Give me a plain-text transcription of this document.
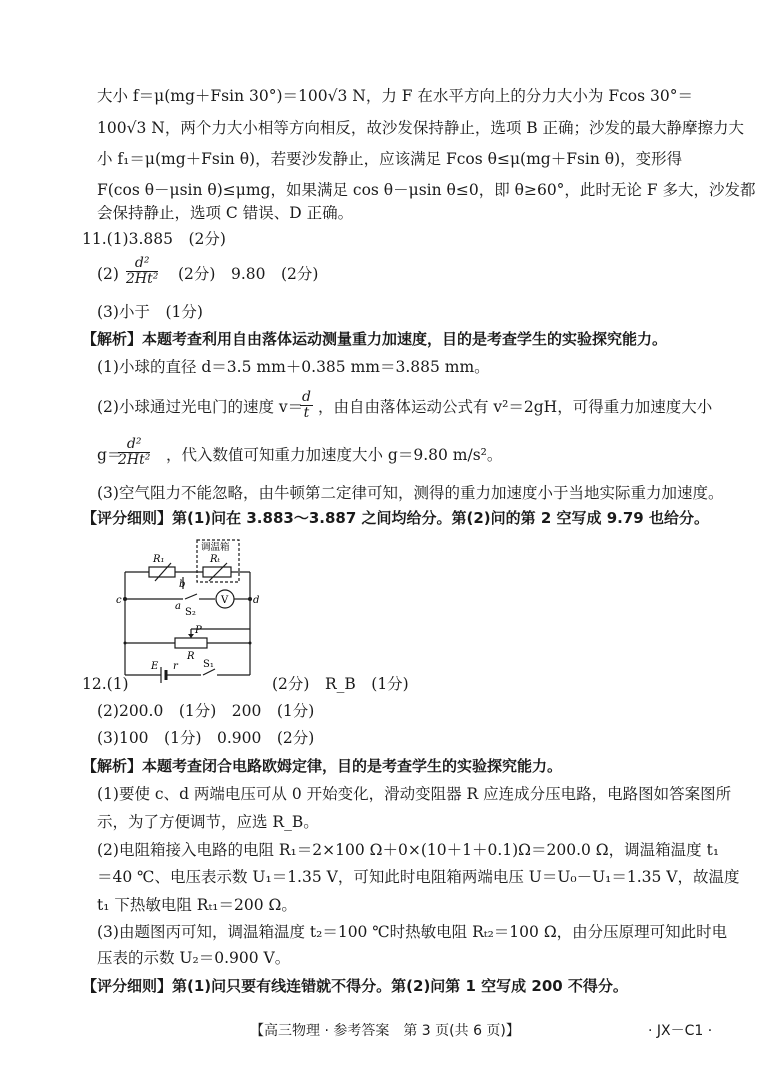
大小 f＝μ(mg＋Fsin 30°)＝100√3 N，力 F 在水平方向上的分力大小为 Fcos 30°＝
100√3 N，两个力大小相等方向相反，故沙发保持静止，选项 B 正确；沙发的最大静摩擦力大
小 f₁＝μ(mg＋Fsin θ)，若要沙发静止，应该满足 Fcos θ≤μ(mg＋Fsin θ)，变形得
F(cos θ－μsin θ)≤μmg，如果满足 cos θ－μsin θ≤0，即 θ≥60°，此时无论 F 多大，沙发都
会保持静止，选项 C 错误、D 正确。
11.(1)3.885　(2分)
$(2) \frac{\text{d²}}{\text{2Ht²}} (2$分)　9.80　(2分)
(3)小于　(1分)
【解析】本题考查利用自由落体运动测量重力加速度，目的是考查学生的实验探究能力。
(1)小球的直径 d＝3.5 mm＋0.385 mm＝3.885 mm。
(2)小球通过光电门的速度 v＝
$\frac{d}{t}$ ，由自由落体运动公式有 v²＝2gH，可得重力加速度大小
g＝
$\frac{\text{d²}}{\text{2Ht²}}$ ，代入数值可知重力加速度大小 g＝9.80 m/s²。
(3)空气阻力不能忽略，由牛顿第二定律可知，测得的重力加速度小于当地实际重力加速度。
【评分细则】第(1)问在 3.883～3.887 之间均给分。第(2)问的第 2 空写成 9.79 也给分。
调温箱
R₁	Rₜ
b
a
c	d
S₂
V
P
R
E r	S₁
12.(1)	(2分)　R_B　(1分)
(2)200.0　(1分)　200　(1分)
(3)100　(1分)　0.900　(2分)
【解析】本题考查闭合电路欧姆定律，目的是考查学生的实验探究能力。
(1)要使 c、d 两端电压可从 0 开始变化，滑动变阻器 R 应连成分压电路，电路图如答案图所
示，为了方便调节，应选 R_B。
(2)电阻箱接入电路的电阻 R₁＝2×100 Ω＋0×(10＋1＋0.1)Ω＝200.0 Ω，调温箱温度 t₁
＝40 ℃、电压表示数 U₁＝1.35 V，可知此时电阻箱两端电压 U＝U₀－U₁＝1.35 V，故温度
t₁ 下热敏电阻 Rₜ₁＝200 Ω。
(3)由题图丙可知，调温箱温度 t₂＝100 ℃时热敏电阻 Rₜ₂＝100 Ω，由分压原理可知此时电
压表的示数 U₂＝0.900 V。
【评分细则】第(1)问只要有线连错就不得分。第(2)问第 1 空写成 200 不得分。
【高三物理 · 参考答案　第 3 页(共 6 页)】	· JX－C1 ·
